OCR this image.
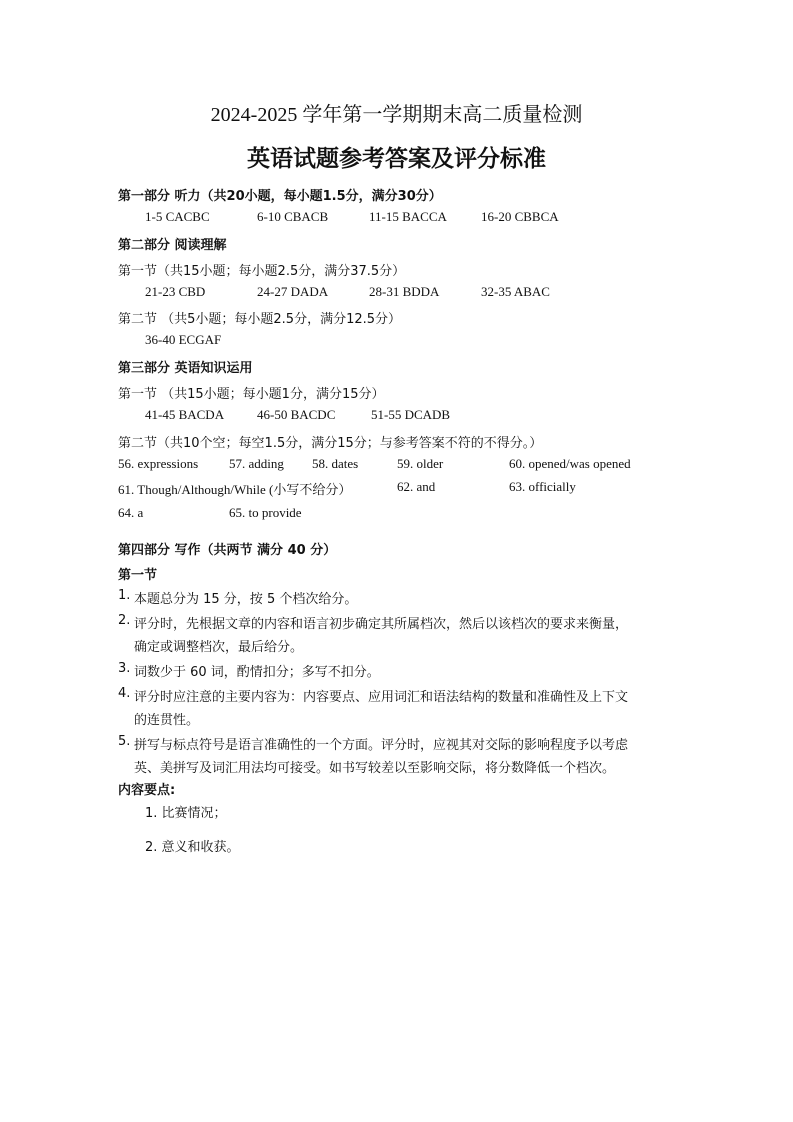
2024-2025 学年第一学期期末高二质量检测
英语试题参考答案及评分标准
第一部分 听力（共20小题，每小题1.5分，满分30分）
1-5 CACBC	6-10 CBACB	11-15 BACCA	16-20 CBBCA
第二部分 阅读理解
第一节（共15小题；每小题2.5分，满分37.5分）
21-23 CBD	24-27 DADA	28-31 BDDA	32-35 ABAC
第二节 （共5小题；每小题2.5分，满分12.5分）
36-40 ECGAF
第三部分 英语知识运用
第一节 （共15小题；每小题1分，满分15分）
41-45 BACDA	46-50 BACDC	51-55 DCADB
第二节（共10个空；每空1.5分，满分15分；与参考答案不符的不得分。）
56. expressions 57. adding 58. dates	59. older	60. opened/was opened
61. Though/Although/While (小写不给分）	62. and	63. officially
64. a	65. to provide
第四部分 写作（共两节 满分 40 分）
第一节
1. 本题总分为 15 分，按 5 个档次给分。
2. 评分时，先根据文章的内容和语言初步确定其所属档次，然后以该档次的要求来衡量，
确定或调整档次，最后给分。
3. 词数少于 60 词，酌情扣分；多写不扣分。
4. 评分时应注意的主要内容为：内容要点、应用词汇和语法结构的数量和准确性及上下文
的连贯性。
5. 拼写与标点符号是语言准确性的一个方面。评分时，应视其对交际的影响程度予以考虑
英、美拼写及词汇用法均可接受。如书写较差以至影响交际，将分数降低一个档次。
内容要点:
1. 比赛情况；
2. 意义和收获。
